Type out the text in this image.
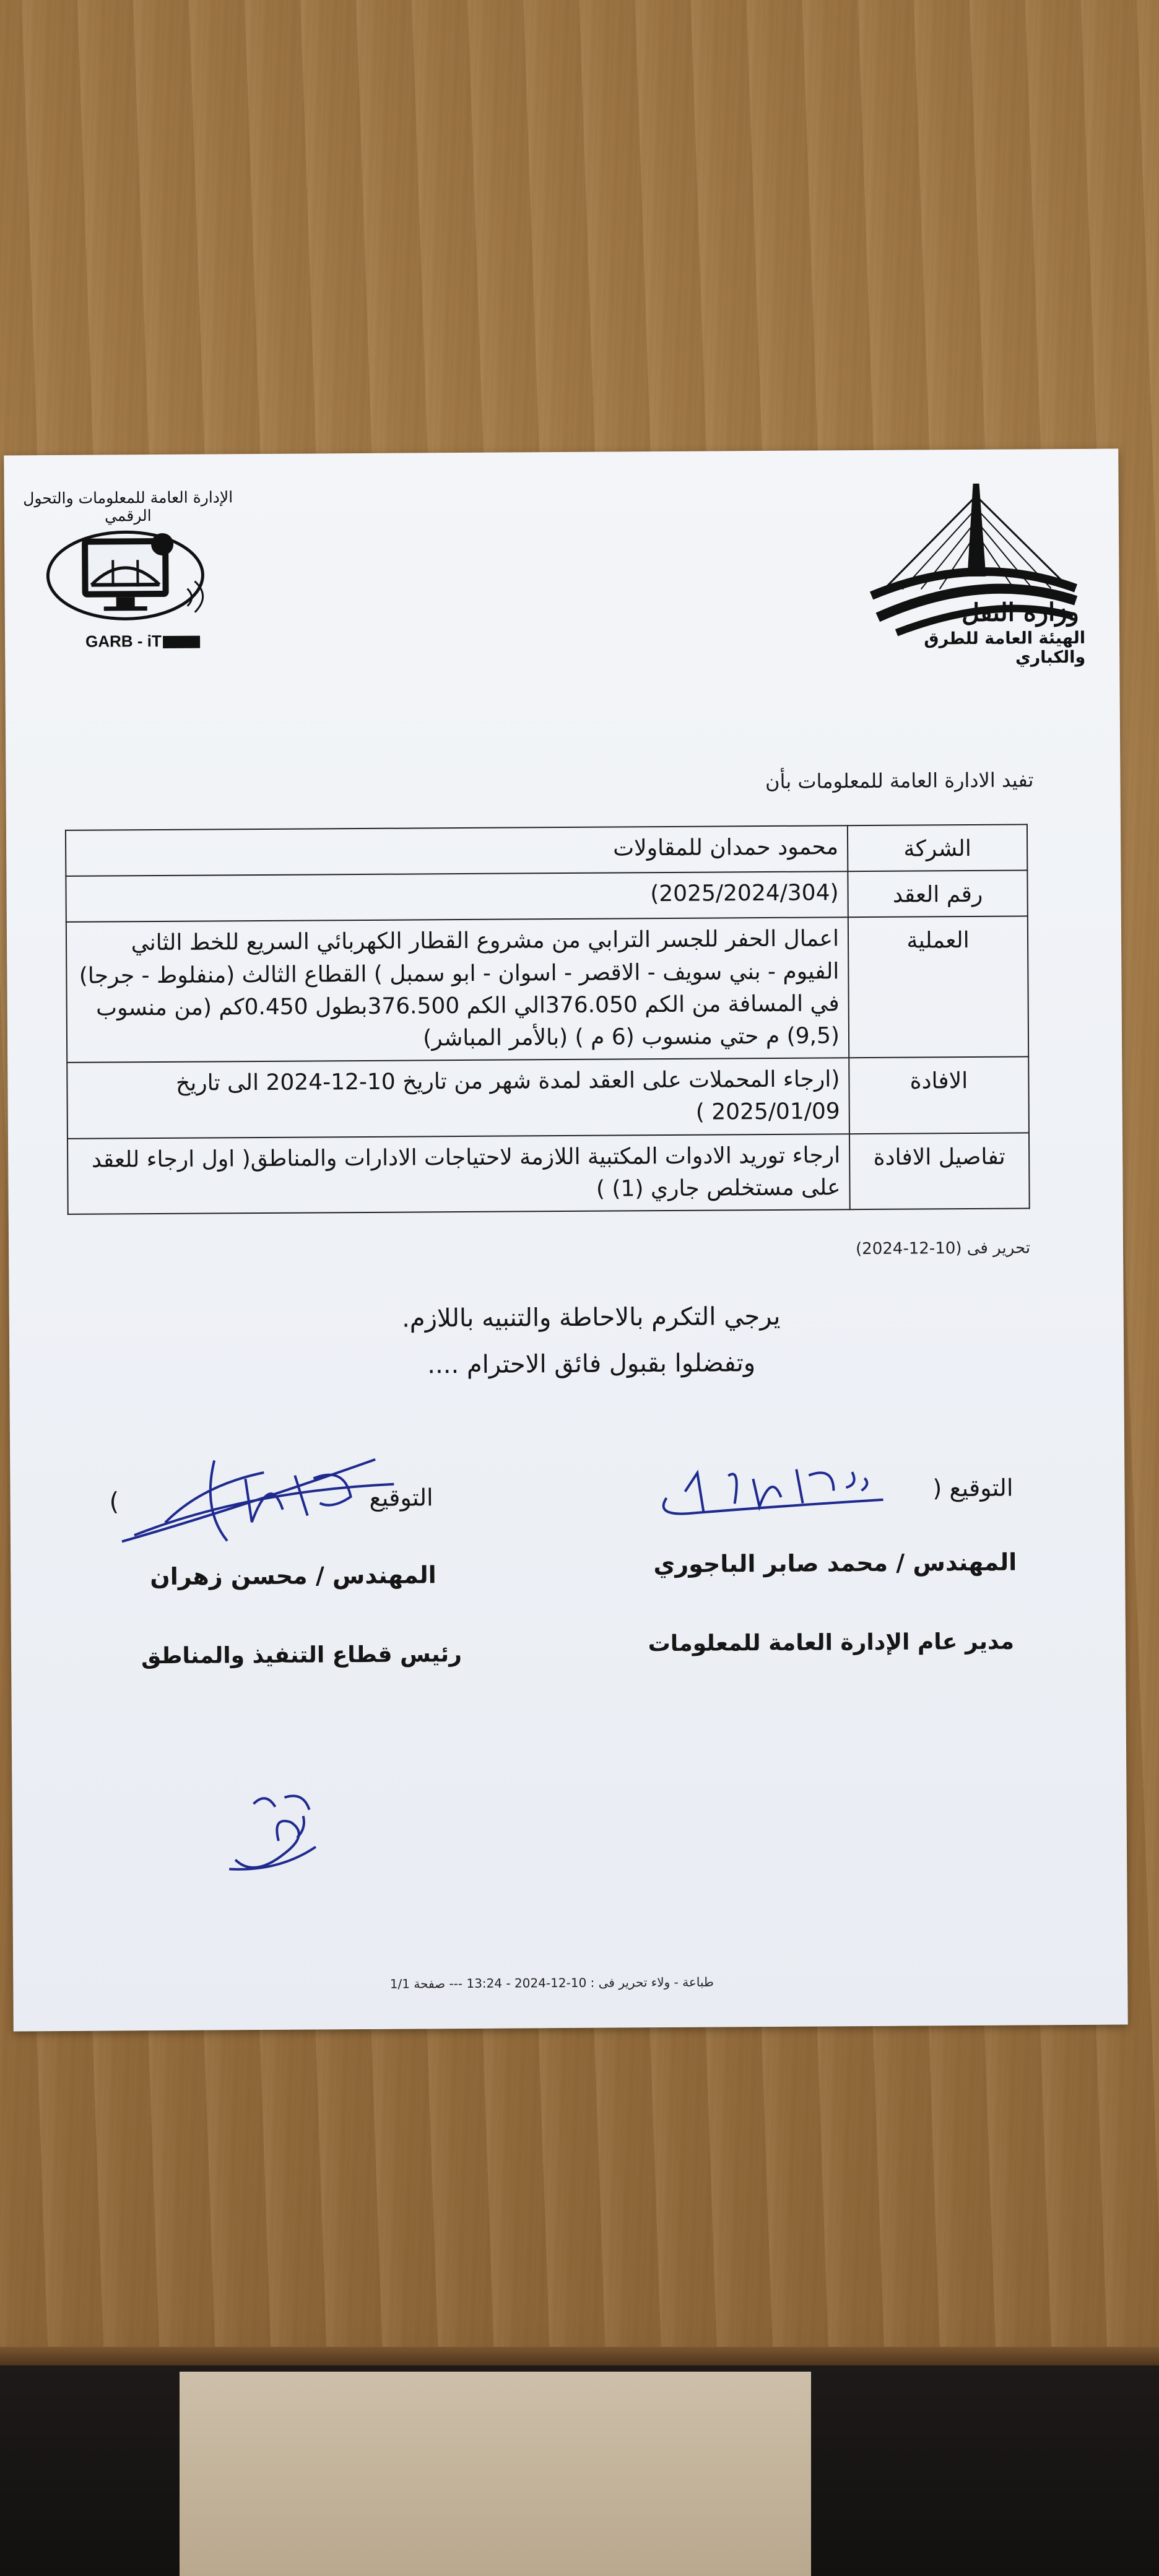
الإدارة العامة للمعلومات والتحول الرقمي
GARB - iT
وزارة النقل
الهيئة العامة للطرق والكباري
تفيد الادارة العامة للمعلومات بأن
الشركة	محمود حمدان للمقاولات
رقم العقد	(2025/2024/304)
العملية	اعمال الحفر للجسر الترابي من مشروع القطار الكهربائي السريع للخط الثاني الفيوم - بني سويف - الاقصر - اسوان - ابو سمبل ) القطاع الثالث (منفلوط - جرجا) في المسافة من الكم 376.050الي الكم 376.500بطول 0.450كم (من منسوب (9,5) م حتي منسوب (6 م ) (بالأمر المباشر)
الافادة	(ارجاء المحملات على العقد لمدة شهر من تاريخ 10-12-2024 الى تاريخ 2025/01/09 )
تفاصيل الافادة	ارجاء توريد الادوات المكتبية اللازمة لاحتياجات الادارات والمناطق( اول ارجاء للعقد على مستخلص جاري (1) )
تحرير فى (10-12-2024)
يرجي التكرم بالاحاطة والتنبيه باللازم.
وتفضلوا بقبول فائق الاحترام ....
التوقيع (
(	التوقيع
المهندس / محمد صابر الباجوري
المهندس / محسن زهران
مدير عام الإدارة العامة للمعلومات
رئيس قطاع التنفيذ والمناطق
طباعة - ولاء تحرير فى : 10-12-2024 - 13:24 --- صفحة 1/1
